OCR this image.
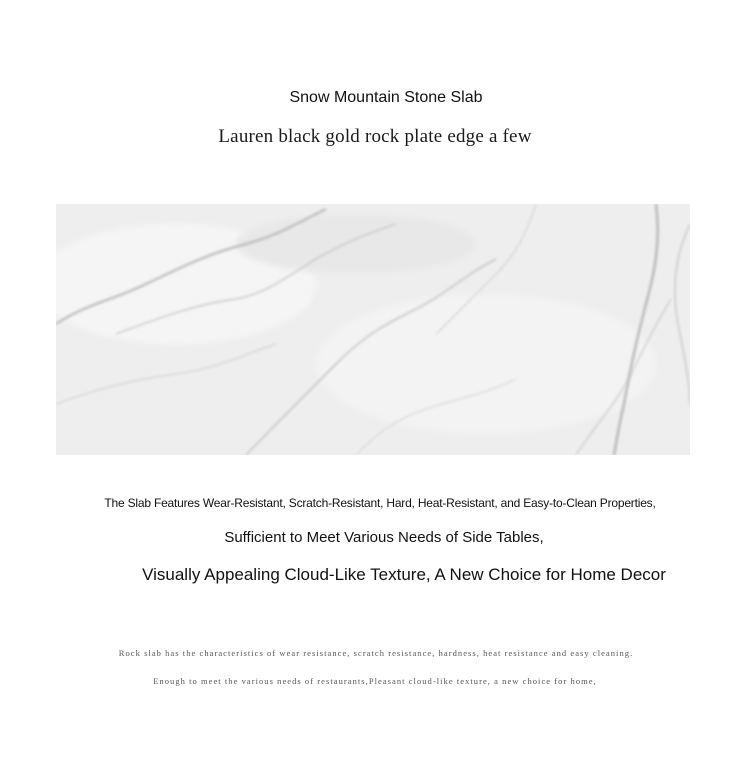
Snow Mountain Stone Slab
Lauren black gold rock plate edge a few
The Slab Features Wear-Resistant, Scratch-Resistant, Hard, Heat-Resistant, and Easy-to-Clean Properties,
Sufficient to Meet Various Needs of Side Tables,
Visually Appealing Cloud-Like Texture, A New Choice for Home Decor
Rock slab has the characteristics of wear resistance, scratch resistance, hardness, heat resistance and easy cleaning.
Enough to meet the various needs of restaurants,Pleasant cloud-like texture, a new choice for home,
